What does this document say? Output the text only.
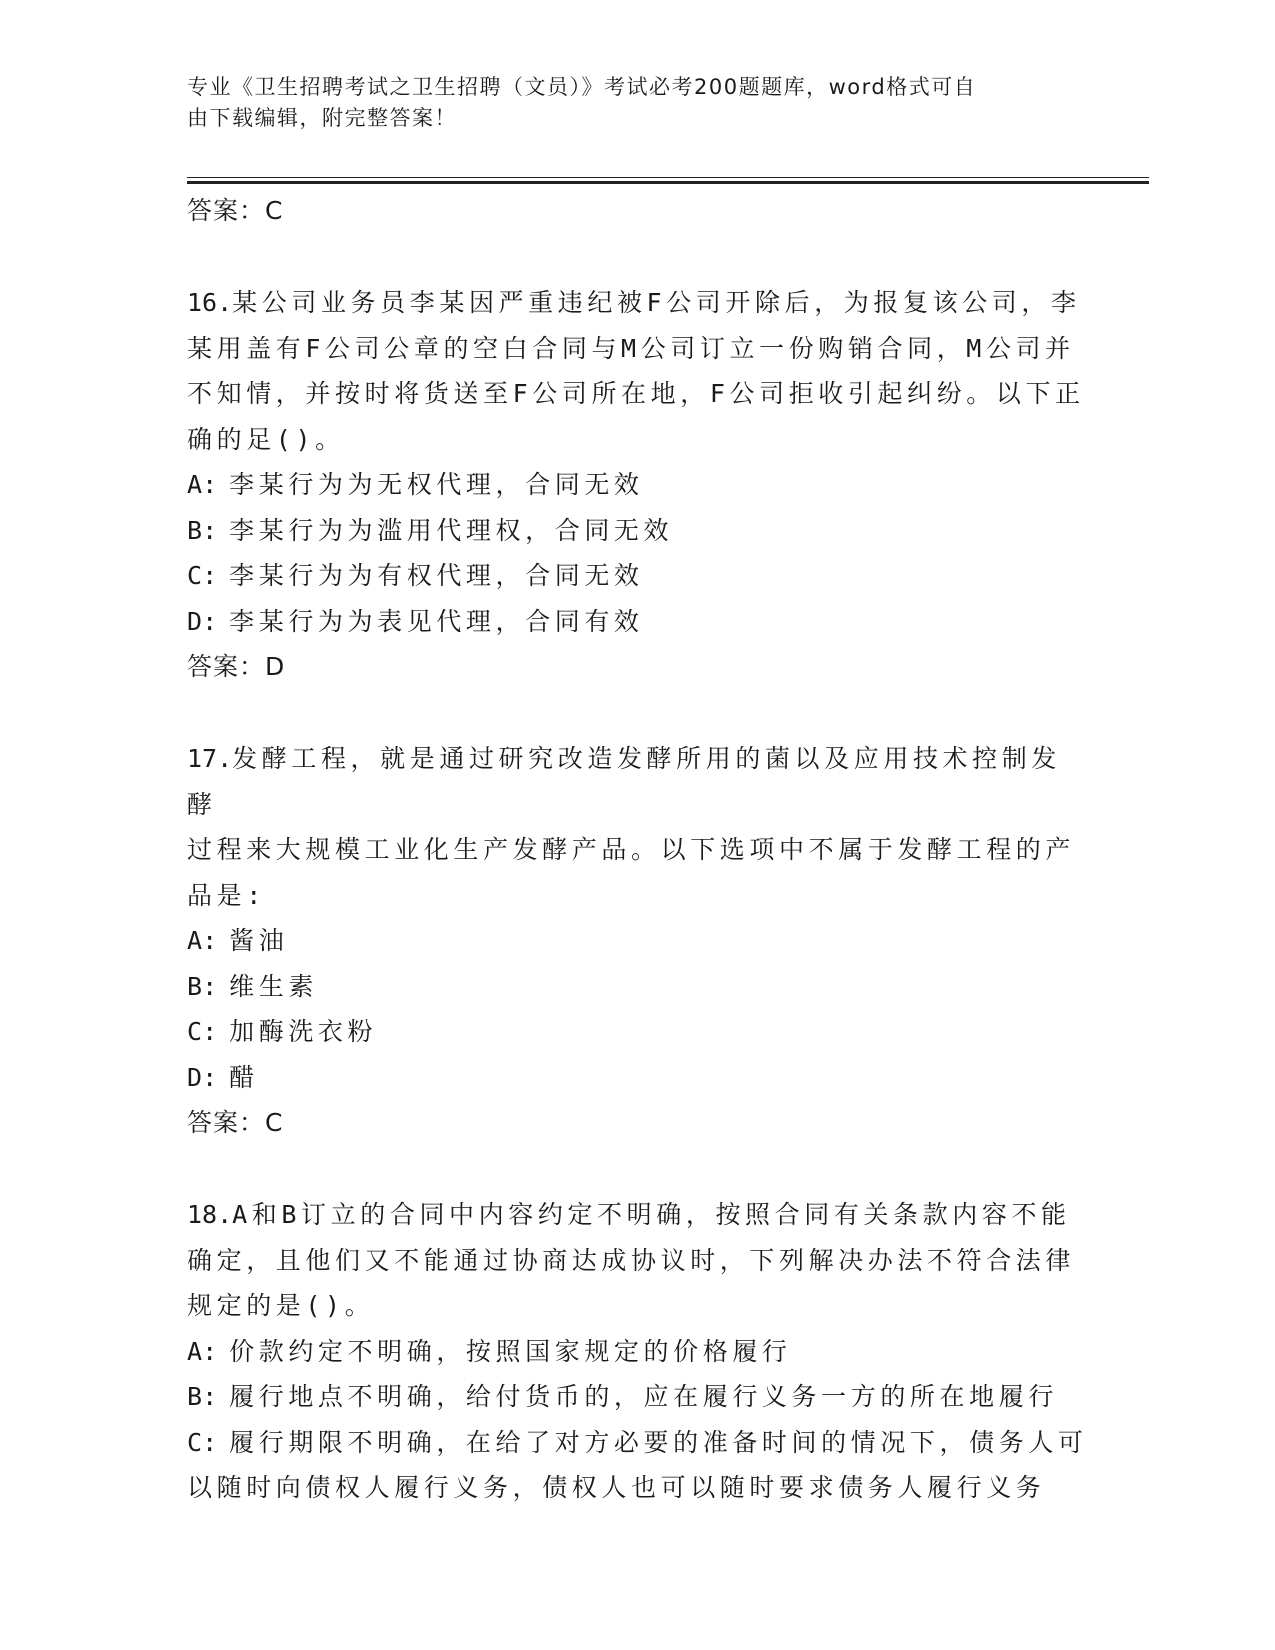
专业《卫生招聘考试之卫生招聘（文员）》考试必考200题题库，word格式可自
由下载编辑，附完整答案！
答案：C
16.某公司业务员李某因严重违纪被F公司开除后，为报复该公司，李
某用盖有F公司公章的空白合同与M公司订立一份购销合同，M公司并
不知情，并按时将货送至F公司所在地，F公司拒收引起纠纷。以下正
确的足()。
A: 李某行为为无权代理，合同无效
B: 李某行为为滥用代理权，合同无效
C: 李某行为为有权代理，合同无效
D: 李某行为为表见代理，合同有效
答案：D
17.发酵工程，就是通过研究改造发酵所用的菌以及应用技术控制发酵
过程来大规模工业化生产发酵产品。以下选项中不属于发酵工程的产
品是:
A: 酱油
B: 维生素
C: 加酶洗衣粉
D: 醋
答案：C
18.A和B订立的合同中内容约定不明确，按照合同有关条款内容不能
确定，且他们又不能通过协商达成协议时，下列解决办法不符合法律
规定的是()。
A: 价款约定不明确，按照国家规定的价格履行
B: 履行地点不明确，给付货币的，应在履行义务一方的所在地履行
C: 履行期限不明确，在给了对方必要的准备时间的情况下，债务人可
以随时向债权人履行义务，债权人也可以随时要求债务人履行义务
